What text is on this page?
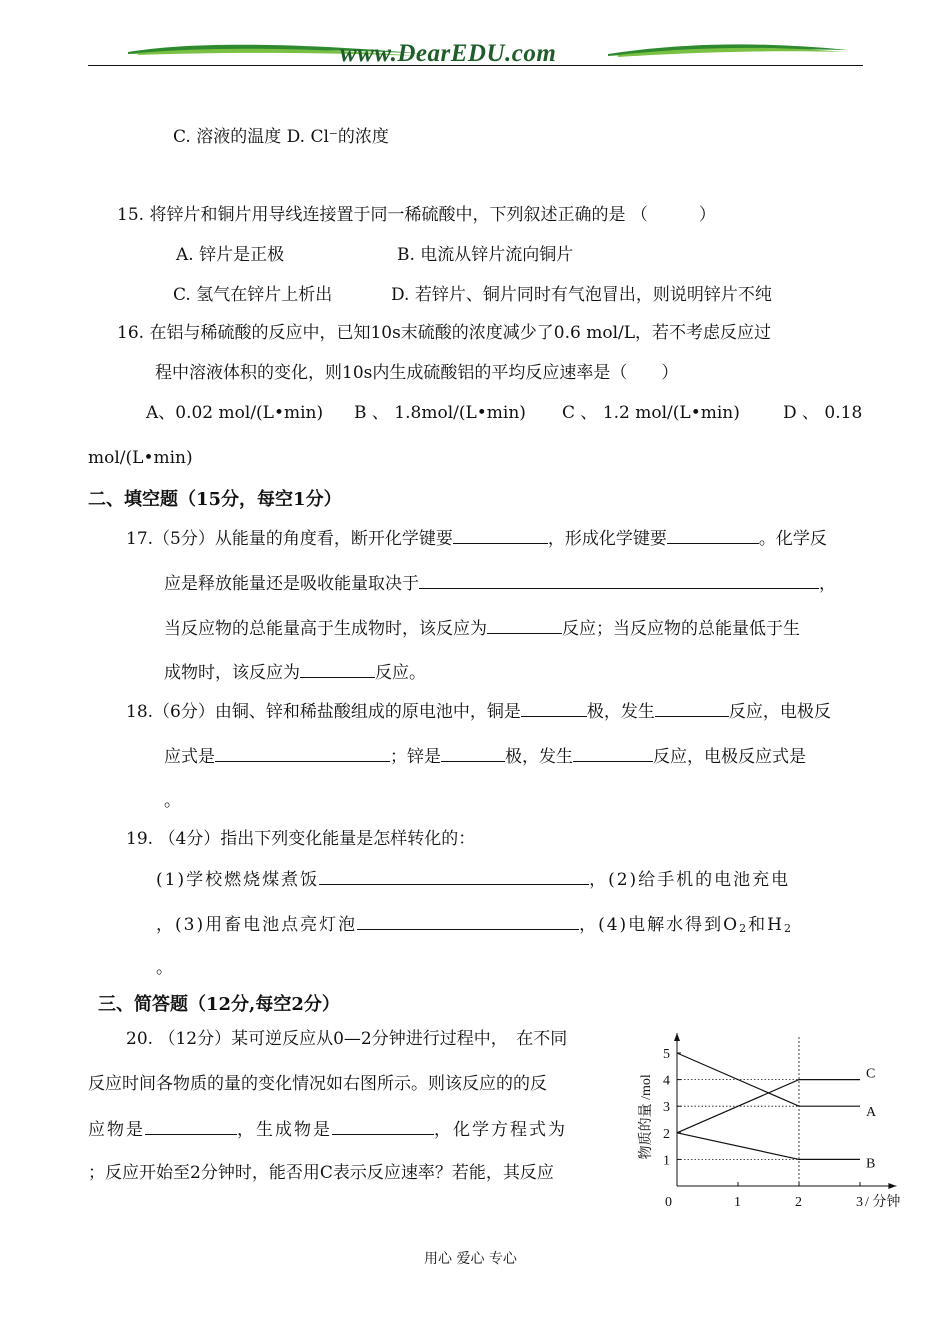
www.DearEDU.com
C. 溶液的温度 D. Cl⁻的浓度
15. 将锌片和铜片用导线连接置于同一稀硫酸中，下列叙述正确的是 （　　　）
A. 锌片是正极	B. 电流从锌片流向铜片
C. 氢气在锌片上析出	D. 若锌片、铜片同时有气泡冒出，则说明锌片不纯
16. 在铝与稀硫酸的反应中，已知10s末硫酸的浓度减少了0.6 mol/L，若不考虑反应过
程中溶液体积的变化，则10s内生成硫酸铝的平均反应速率是（　　）
A、0.02 mol/(L•min) B 、 1.8mol/(L•min) C 、 1.2 mol/(L•min)	D 、 0.18
mol/(L•min)
二、填空题（15分，每空1分）
17.（5分）从能量的角度看，断开化学键要	，形成化学键要	。化学反
应是释放能量还是吸收能量取决于	，
当反应物的总能量高于生成物时，该反应为	反应；当反应物的总能量低于生
成物时，该反应为	反应。
18.（6分）由铜、锌和稀盐酸组成的原电池中，铜是	极，发生	反应，电极反
应式是	；锌是	极，发生	反应，电极反应式是
。
19. （4分）指出下列变化能量是怎样转化的：
(1)学校燃烧煤煮饭	，(2)给手机的电池充电
，(3)用畜电池点亮灯泡	，(4)电解水得到O2和H2
。
三、简答题（12分,每空2分）
20. （12分）某可逆反应从0—2分钟进行过程中，　在不同
反应时间各物质的量的变化情况如右图所示。则该反应的的反
应物是	，生成物是	，化学方程式为
；反应开始至2分钟时，能否用C表示反应速率？若能，其反应
0	1	2	3
1
2
3
4
5
/ 分钟
物质的量 /mol	A
B
C
用心 爱心 专心
